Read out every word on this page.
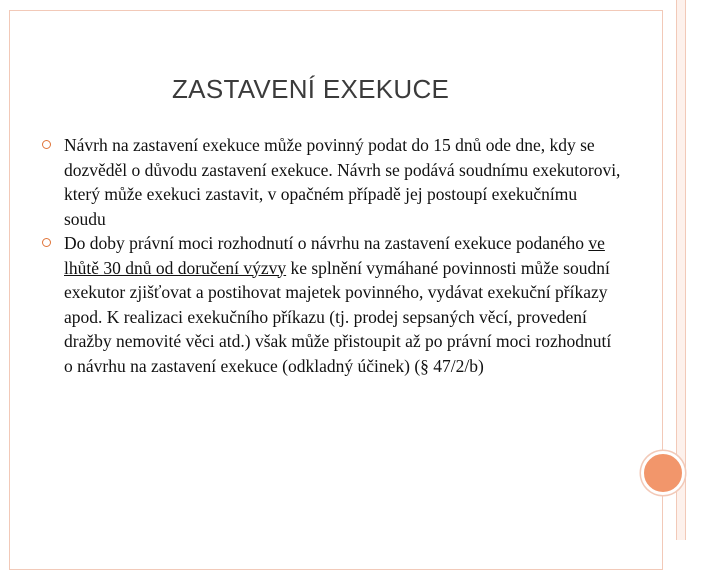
ZASTAVENÍ EXEKUCE
Návrh na zastavení exekuce může povinný podat do 15 dnů ode dne, kdy se dozvěděl o důvodu zastavení exekuce. Návrh se podává soudnímu exekutorovi, který může exekuci zastavit, v opačném případě jej postoupí exekučnímu soudu
Do doby právní moci rozhodnutí o návrhu na zastavení exekuce podaného ve lhůtě 30 dnů od doručení výzvy ke splnění vymáhané povinnosti může soudní exekutor zjišťovat a postihovat majetek povinného, vydávat exekuční příkazy apod. K realizaci exekučního příkazu (tj. prodej sepsaných věcí, provedení dražby nemovité věci atd.) však může přistoupit až po právní moci rozhodnutí o návrhu na zastavení exekuce (odkladný účinek) (§ 47/2/b)
